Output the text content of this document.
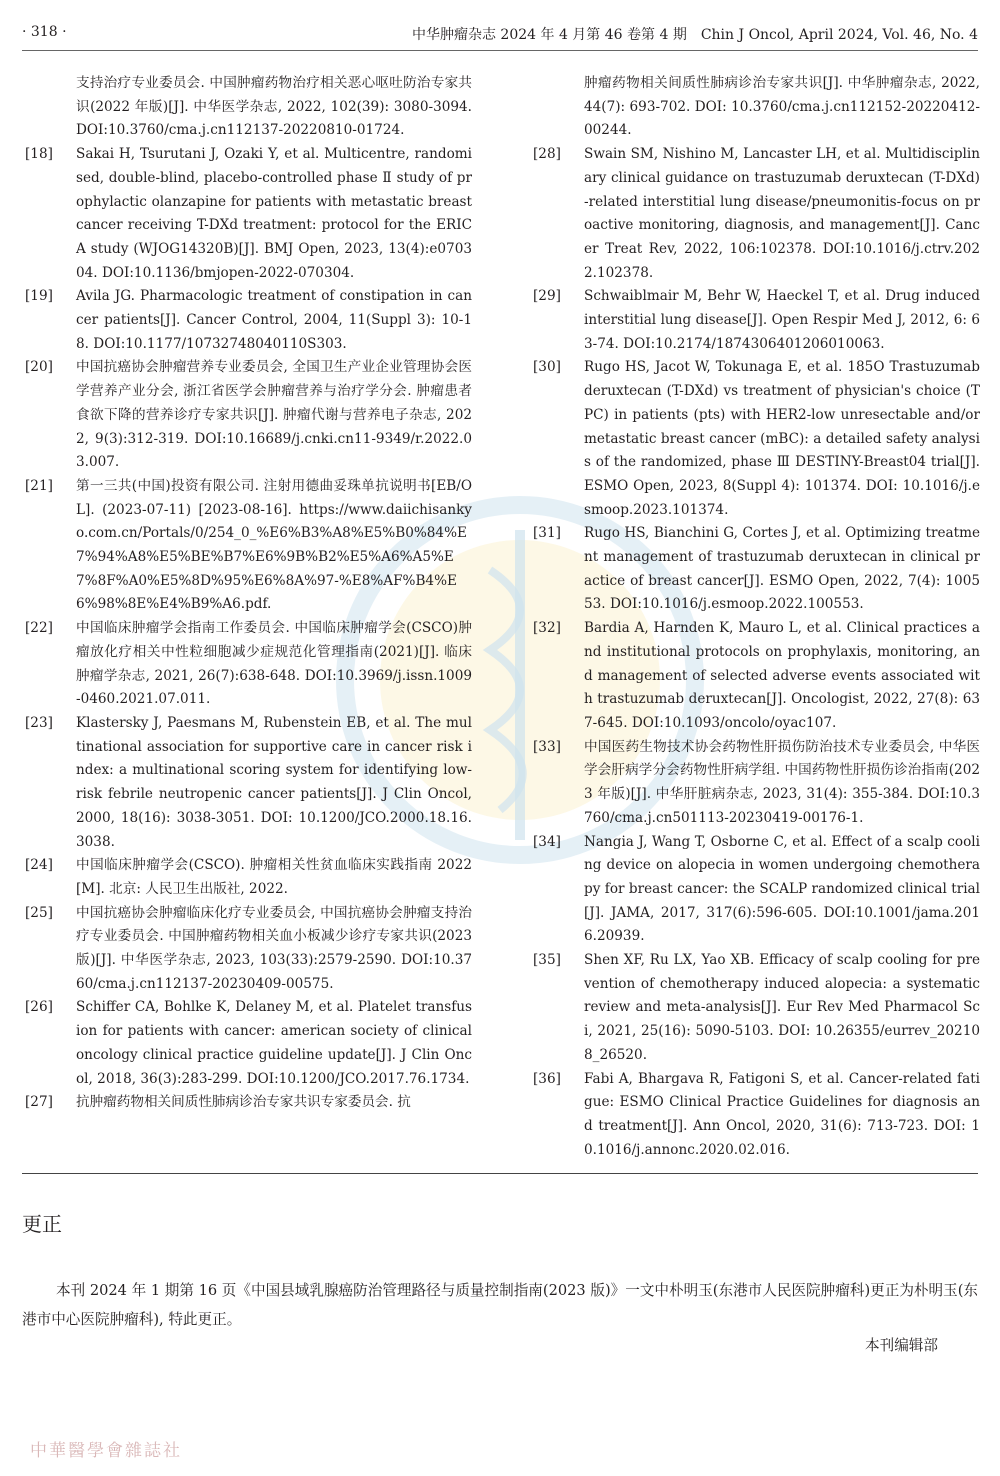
· 318 ·	中华肿瘤杂志 2024 年 4 月第 46 卷第 4 期　Chin J Oncol, April 2024, Vol. 46, No. 4
支持治疗专业委员会. 中国肿瘤药物治疗相关恶心呕吐防治专家共识(2022 年版)[J]. 中华医学杂志, 2022, 102(39): 3080-3094. DOI:10.3760/cma.j.cn112137-20220810-01724.
[18] Sakai H, Tsurutani J, Ozaki Y, et al. Multicentre, randomised, double-blind, placebo-controlled phase Ⅱ study of prophylactic olanzapine for patients with metastatic breast cancer receiving T-DXd treatment: protocol for the ERICA study (WJOG14320B)[J]. BMJ Open, 2023, 13(4):e070304. DOI:10.1136/bmjopen-2022-070304.
[19] Avila JG. Pharmacologic treatment of constipation in cancer patients[J]. Cancer Control, 2004, 11(Suppl 3): 10-18. DOI:10.1177/10732748040110S303.
[20] 中国抗癌协会肿瘤营养专业委员会, 全国卫生产业企业管理协会医学营养产业分会, 浙江省医学会肿瘤营养与治疗学分会. 肿瘤患者食欲下降的营养诊疗专家共识[J]. 肿瘤代谢与营养电子杂志, 2022, 9(3):312-319. DOI:10.16689/j.cnki.cn11-9349/r.2022.03.007.
[21] 第一三共(中国)投资有限公司. 注射用德曲妥珠单抗说明书[EB/OL]. (2023-07-11) [2023-08-16]. https://www.daiichisankyo.com.cn/Portals/0/254_0_%E6%B3%A8%E5%B0%84%E7%94%A8%E5%BE%B7%E6%9B%B2%E5%A6%A5%E7%8F%A0%E5%8D%95%E6%8A%97-%E8%AF%B4%E6%98%8E%E4%B9%A6.pdf.
[22] 中国临床肿瘤学会指南工作委员会. 中国临床肿瘤学会(CSCO)肿瘤放化疗相关中性粒细胞减少症规范化管理指南(2021)[J]. 临床肿瘤学杂志, 2021, 26(7):638-648. DOI:10.3969/j.issn.1009-0460.2021.07.011.
[23] Klastersky J, Paesmans M, Rubenstein EB, et al. The multinational association for supportive care in cancer risk index: a multinational scoring system for identifying low-risk febrile neutropenic cancer patients[J]. J Clin Oncol, 2000, 18(16): 3038-3051. DOI: 10.1200/JCO.2000.18.16.3038.
[24] 中国临床肿瘤学会(CSCO). 肿瘤相关性贫血临床实践指南 2022[M]. 北京: 人民卫生出版社, 2022.
[25] 中国抗癌协会肿瘤临床化疗专业委员会, 中国抗癌协会肿瘤支持治疗专业委员会. 中国肿瘤药物相关血小板减少诊疗专家共识(2023 版)[J]. 中华医学杂志, 2023, 103(33):2579-2590. DOI:10.3760/cma.j.cn112137-20230409-00575.
[26] Schiffer CA, Bohlke K, Delaney M, et al. Platelet transfusion for patients with cancer: american society of clinical oncology clinical practice guideline update[J]. J Clin Oncol, 2018, 36(3):283-299. DOI:10.1200/JCO.2017.76.1734.
[27] 抗肿瘤药物相关间质性肺病诊治专家共识专家委员会. 抗
肿瘤药物相关间质性肺病诊治专家共识[J]. 中华肿瘤杂志, 2022, 44(7): 693-702. DOI: 10.3760/cma.j.cn112152-20220412-00244.
[28] Swain SM, Nishino M, Lancaster LH, et al. Multidisciplinary clinical guidance on trastuzumab deruxtecan (T-DXd)-related interstitial lung disease/pneumonitis-focus on proactive monitoring, diagnosis, and management[J]. Cancer Treat Rev, 2022, 106:102378. DOI:10.1016/j.ctrv.2022.102378.
[29] Schwaiblmair M, Behr W, Haeckel T, et al. Drug induced interstitial lung disease[J]. Open Respir Med J, 2012, 6: 63-74. DOI:10.2174/1874306401206010063.
[30] Rugo HS, Jacot W, Tokunaga E, et al. 185O Trastuzumab deruxtecan (T-DXd) vs treatment of physician's choice (TPC) in patients (pts) with HER2-low unresectable and/or metastatic breast cancer (mBC): a detailed safety analysis of the randomized, phase Ⅲ DESTINY-Breast04 trial[J]. ESMO Open, 2023, 8(Suppl 4): 101374. DOI: 10.1016/j.esmoop.2023.101374.
[31] Rugo HS, Bianchini G, Cortes J, et al. Optimizing treatment management of trastuzumab deruxtecan in clinical practice of breast cancer[J]. ESMO Open, 2022, 7(4): 100553. DOI:10.1016/j.esmoop.2022.100553.
[32] Bardia A, Harnden K, Mauro L, et al. Clinical practices and institutional protocols on prophylaxis, monitoring, and management of selected adverse events associated with trastuzumab deruxtecan[J]. Oncologist, 2022, 27(8): 637-645. DOI:10.1093/oncolo/oyac107.
[33] 中国医药生物技术协会药物性肝损伤防治技术专业委员会, 中华医学会肝病学分会药物性肝病学组. 中国药物性肝损伤诊治指南(2023 年版)[J]. 中华肝脏病杂志, 2023, 31(4): 355-384. DOI:10.3760/cma.j.cn501113-20230419-00176-1.
[34] Nangia J, Wang T, Osborne C, et al. Effect of a scalp cooling device on alopecia in women undergoing chemotherapy for breast cancer: the SCALP randomized clinical trial[J]. JAMA, 2017, 317(6):596-605. DOI:10.1001/jama.2016.20939.
[35] Shen XF, Ru LX, Yao XB. Efficacy of scalp cooling for prevention of chemotherapy induced alopecia: a systematic review and meta-analysis[J]. Eur Rev Med Pharmacol Sci, 2021, 25(16): 5090-5103. DOI: 10.26355/eurrev_202108_26520.
[36] Fabi A, Bhargava R, Fatigoni S, et al. Cancer-related fatigue: ESMO Clinical Practice Guidelines for diagnosis and treatment[J]. Ann Oncol, 2020, 31(6): 713-723. DOI: 10.1016/j.annonc.2020.02.016.
更正
本刊 2024 年 1 期第 16 页《中国县域乳腺癌防治管理路径与质量控制指南(2023 版)》一文中朴明玉(东港市人民医院肿瘤科)更正为朴明玉(东港市中心医院肿瘤科), 特此更正。
本刊编辑部
中華醫學會雜誌社
